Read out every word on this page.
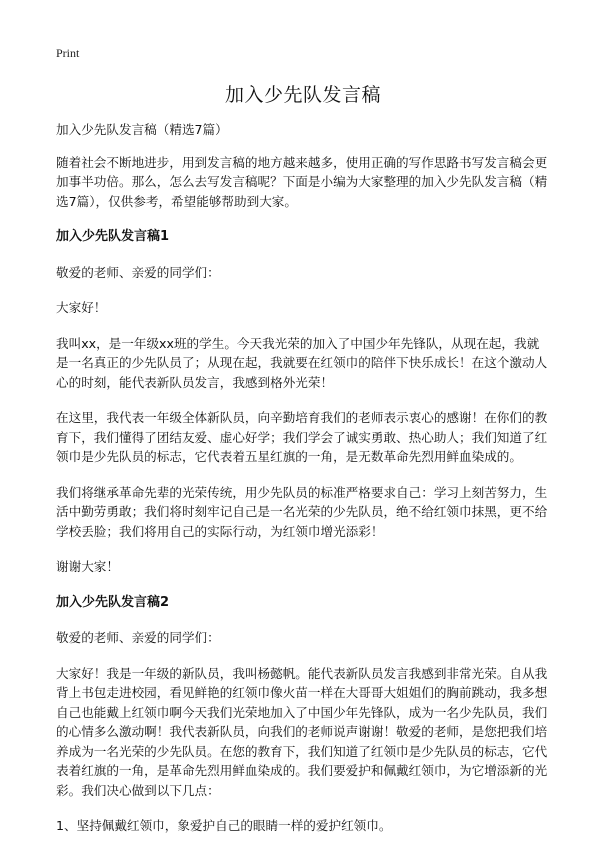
Print
加入少先队发言稿

加入少先队发言稿（精选7篇）

随着社会不断地进步，用到发言稿的地方越来越多，使用正确的写作思路书写发言稿会更加事半功倍。那么，怎么去写发言稿呢？下面是小编为大家整理的加入少先队发言稿（精选7篇），仅供参考，希望能够帮助到大家。

加入少先队发言稿1

敬爱的老师、亲爱的同学们：

大家好！

我叫xx，是一年级xx班的学生。今天我光荣的加入了中国少年先锋队，从现在起，我就是一名真正的少先队员了；从现在起，我就要在红领巾的陪伴下快乐成长！在这个激动人心的时刻，能代表新队员发言，我感到格外光荣！

在这里，我代表一年级全体新队员，向辛勤培育我们的老师表示衷心的感谢！在你们的教育下，我们懂得了团结友爱、虚心好学；我们学会了诚实勇敢、热心助人；我们知道了红领巾是少先队员的标志，它代表着五星红旗的一角，是无数革命先烈用鲜血染成的。

我们将继承革命先辈的光荣传统，用少先队员的标准严格要求自己：学习上刻苦努力，生活中勤劳勇敢；我们将时刻牢记自己是一名光荣的少先队员，绝不给红领巾抹黑，更不给学校丢脸；我们将用自己的实际行动，为红领巾增光添彩！

谢谢大家！

加入少先队发言稿2

敬爱的老师、亲爱的同学们：

大家好！我是一年级的新队员，我叫杨懿帆。能代表新队员发言我感到非常光荣。自从我背上书包走进校园，看见鲜艳的红领巾像火苗一样在大哥哥大姐姐们的胸前跳动，我多想自己也能戴上红领巾啊今天我们光荣地加入了中国少年先锋队，成为一名少先队员，我们的心情多么激动啊！我代表新队员，向我们的老师说声谢谢！敬爱的老师，是您把我们培养成为一名光荣的少先队员。在您的教育下，我们知道了红领巾是少先队员的标志，它代表着红旗的一角，是革命先烈用鲜血染成的。我们要爱护和佩戴红领巾，为它增添新的光彩。我们决心做到以下几点：

1、坚持佩戴红领巾，象爱护自己的眼睛一样的爱护红领巾。
